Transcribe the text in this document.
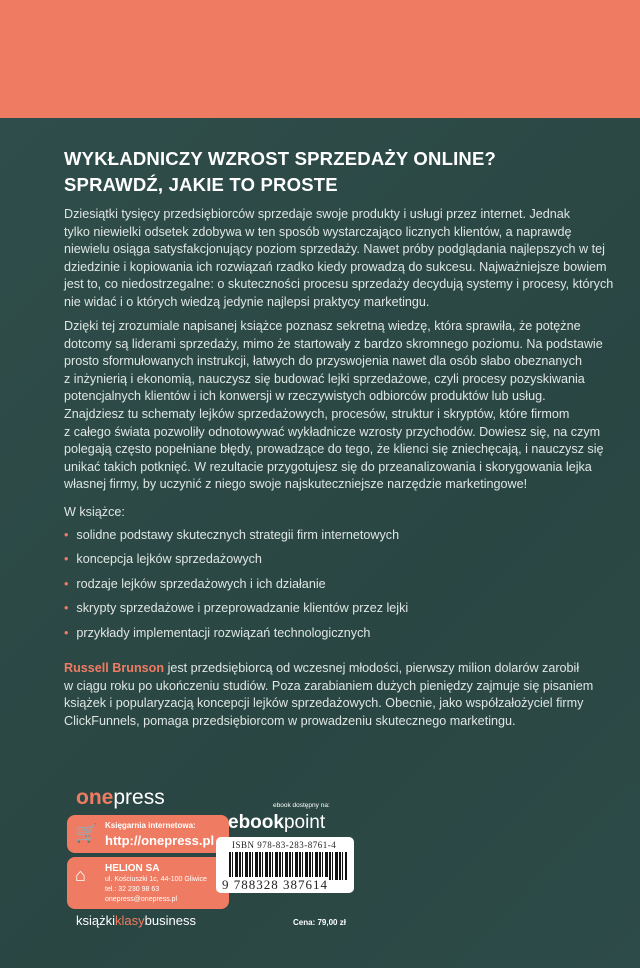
WYKŁADNICZY WZROST SPRZEDAŻY ONLINE?
SPRAWDŹ, JAKIE TO PROSTE
Dziesiątki tysięcy przedsiębiorców sprzedaje swoje produkty i usługi przez internet. Jednak
tylko niewielki odsetek zdobywa w ten sposób wystarczająco licznych klientów, a naprawdę
niewielu osiąga satysfakcjonujący poziom sprzedaży. Nawet próby podglądania najlepszych w tej
dziedzinie i kopiowania ich rozwiązań rzadko kiedy prowadzą do sukcesu. Najważniejsze bowiem
jest to, co niedostrzegalne: o skuteczności procesu sprzedaży decydują systemy i procesy, których
nie widać i o których wiedzą jedynie najlepsi praktycy marketingu.
Dzięki tej zrozumiale napisanej książce poznasz sekretną wiedzę, która sprawiła, że potężne
dotcomy są liderami sprzedaży, mimo że startowały z bardzo skromnego poziomu. Na podstawie
prosto sformułowanych instrukcji, łatwych do przyswojenia nawet dla osób słabo obeznanych
z inżynierią i ekonomią, nauczysz się budować lejki sprzedażowe, czyli procesy pozyskiwania
potencjalnych klientów i ich konwersji w rzeczywistych odbiorców produktów lub usług.
Znajdziesz tu schematy lejków sprzedażowych, procesów, struktur i skryptów, które firmom
z całego świata pozwoliły odnotowywać wykładnicze wzrosty przychodów. Dowiesz się, na czym
polegają często popełniane błędy, prowadzące do tego, że klienci się zniechęcają, i nauczysz się
unikać takich potknięć. W rezultacie przygotujesz się do przeanalizowania i skorygowania lejka
własnej firmy, by uczynić z niego swoje najskuteczniejsze narzędzie marketingowe!
W książce:
• solidne podstawy skutecznych strategii firm internetowych
• koncepcja lejków sprzedażowych
• rodzaje lejków sprzedażowych i ich działanie
• skrypty sprzedażowe i przeprowadzanie klientów przez lejki
• przykłady implementacji rozwiązań technologicznych
Russell Brunson jest przedsiębiorcą od wczesnej młodości, pierwszy milion dolarów zarobił
w ciągu roku po ukończeniu studiów. Poza zarabianiem dużych pieniędzy zajmuje się pisaniem
książek i popularyzacją koncepcji lejków sprzedażowych. Obecnie, jako współzałożyciel firmy
ClickFunnels, pomaga przedsiębiorcom w prowadzeniu skutecznego marketingu.
onepress
🛒 Księgarnia internetowa:
http://onepress.pl
⌂ HELION SA
ul. Kościuszki 1c, 44-100 Gliwice
tel.: 32 230 98 63
onepress@onepress.pl
książkiklasybusiness
ebook dostępny na:
ebookpoint
ISBN 978-83-283-8761-4
9 788328 387614
Cena: 79,00 zł
